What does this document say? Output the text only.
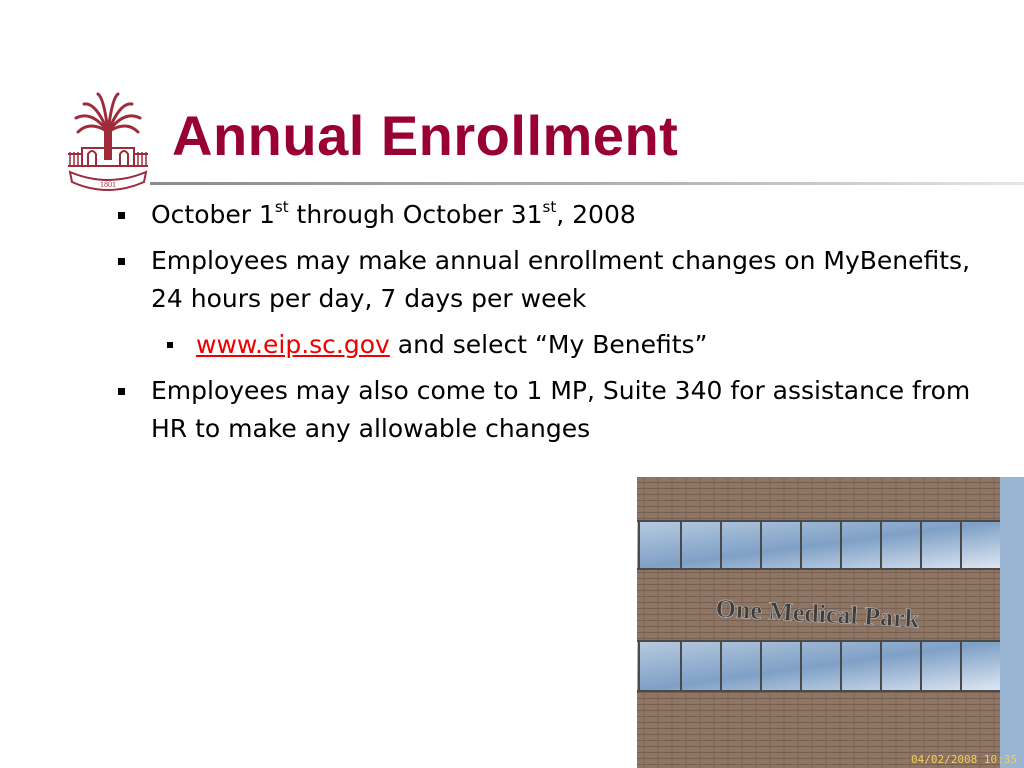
1801
Annual Enrollment
October 1st through October 31st, 2008
Employees may make annual enrollment changes on MyBenefits, 24 hours per day, 7 days per week
www.eip.sc.gov and select “My Benefits”
Employees may also come to 1 MP, Suite 340 for assistance from HR to make any allowable changes
One Medical Park
04/02/2008 10:35
